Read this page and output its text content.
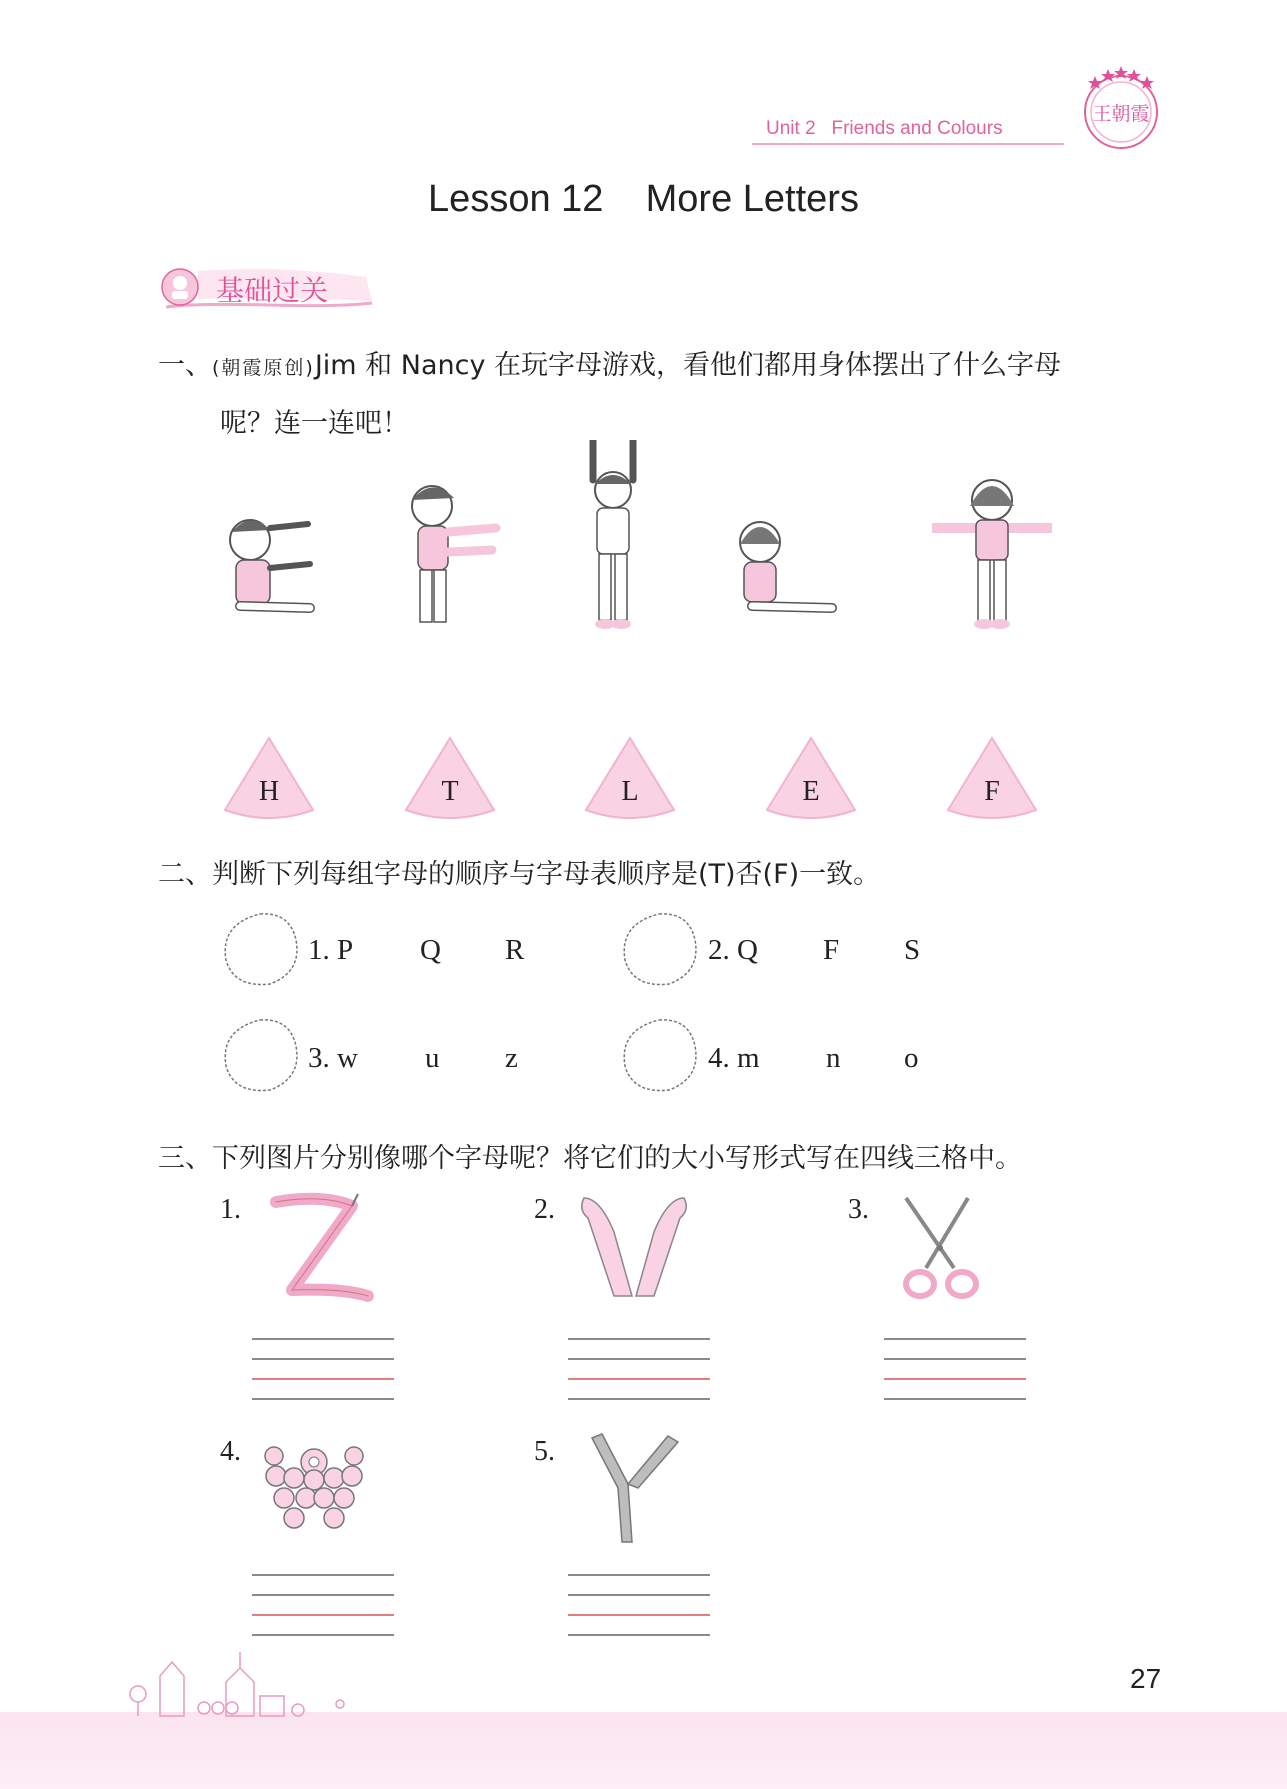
Unit 2 Friends and Colours
王朝霞
Lesson 12    More Letters
基础过关
一、(朝霞原创)Jim 和 Nancy 在玩字母游戏，看他们都用身体摆出了什么字母
呢？连一连吧！
H	T	L	E	F
二、判断下列每组字母的顺序与字母表顺序是(T)否(F)一致。
1. P Q R	2. Q F S
3. w u z	4. m n o
三、下列图片分别像哪个字母呢？将它们的大小写形式写在四线三格中。
1.	2.	3.
4.	5.
27
